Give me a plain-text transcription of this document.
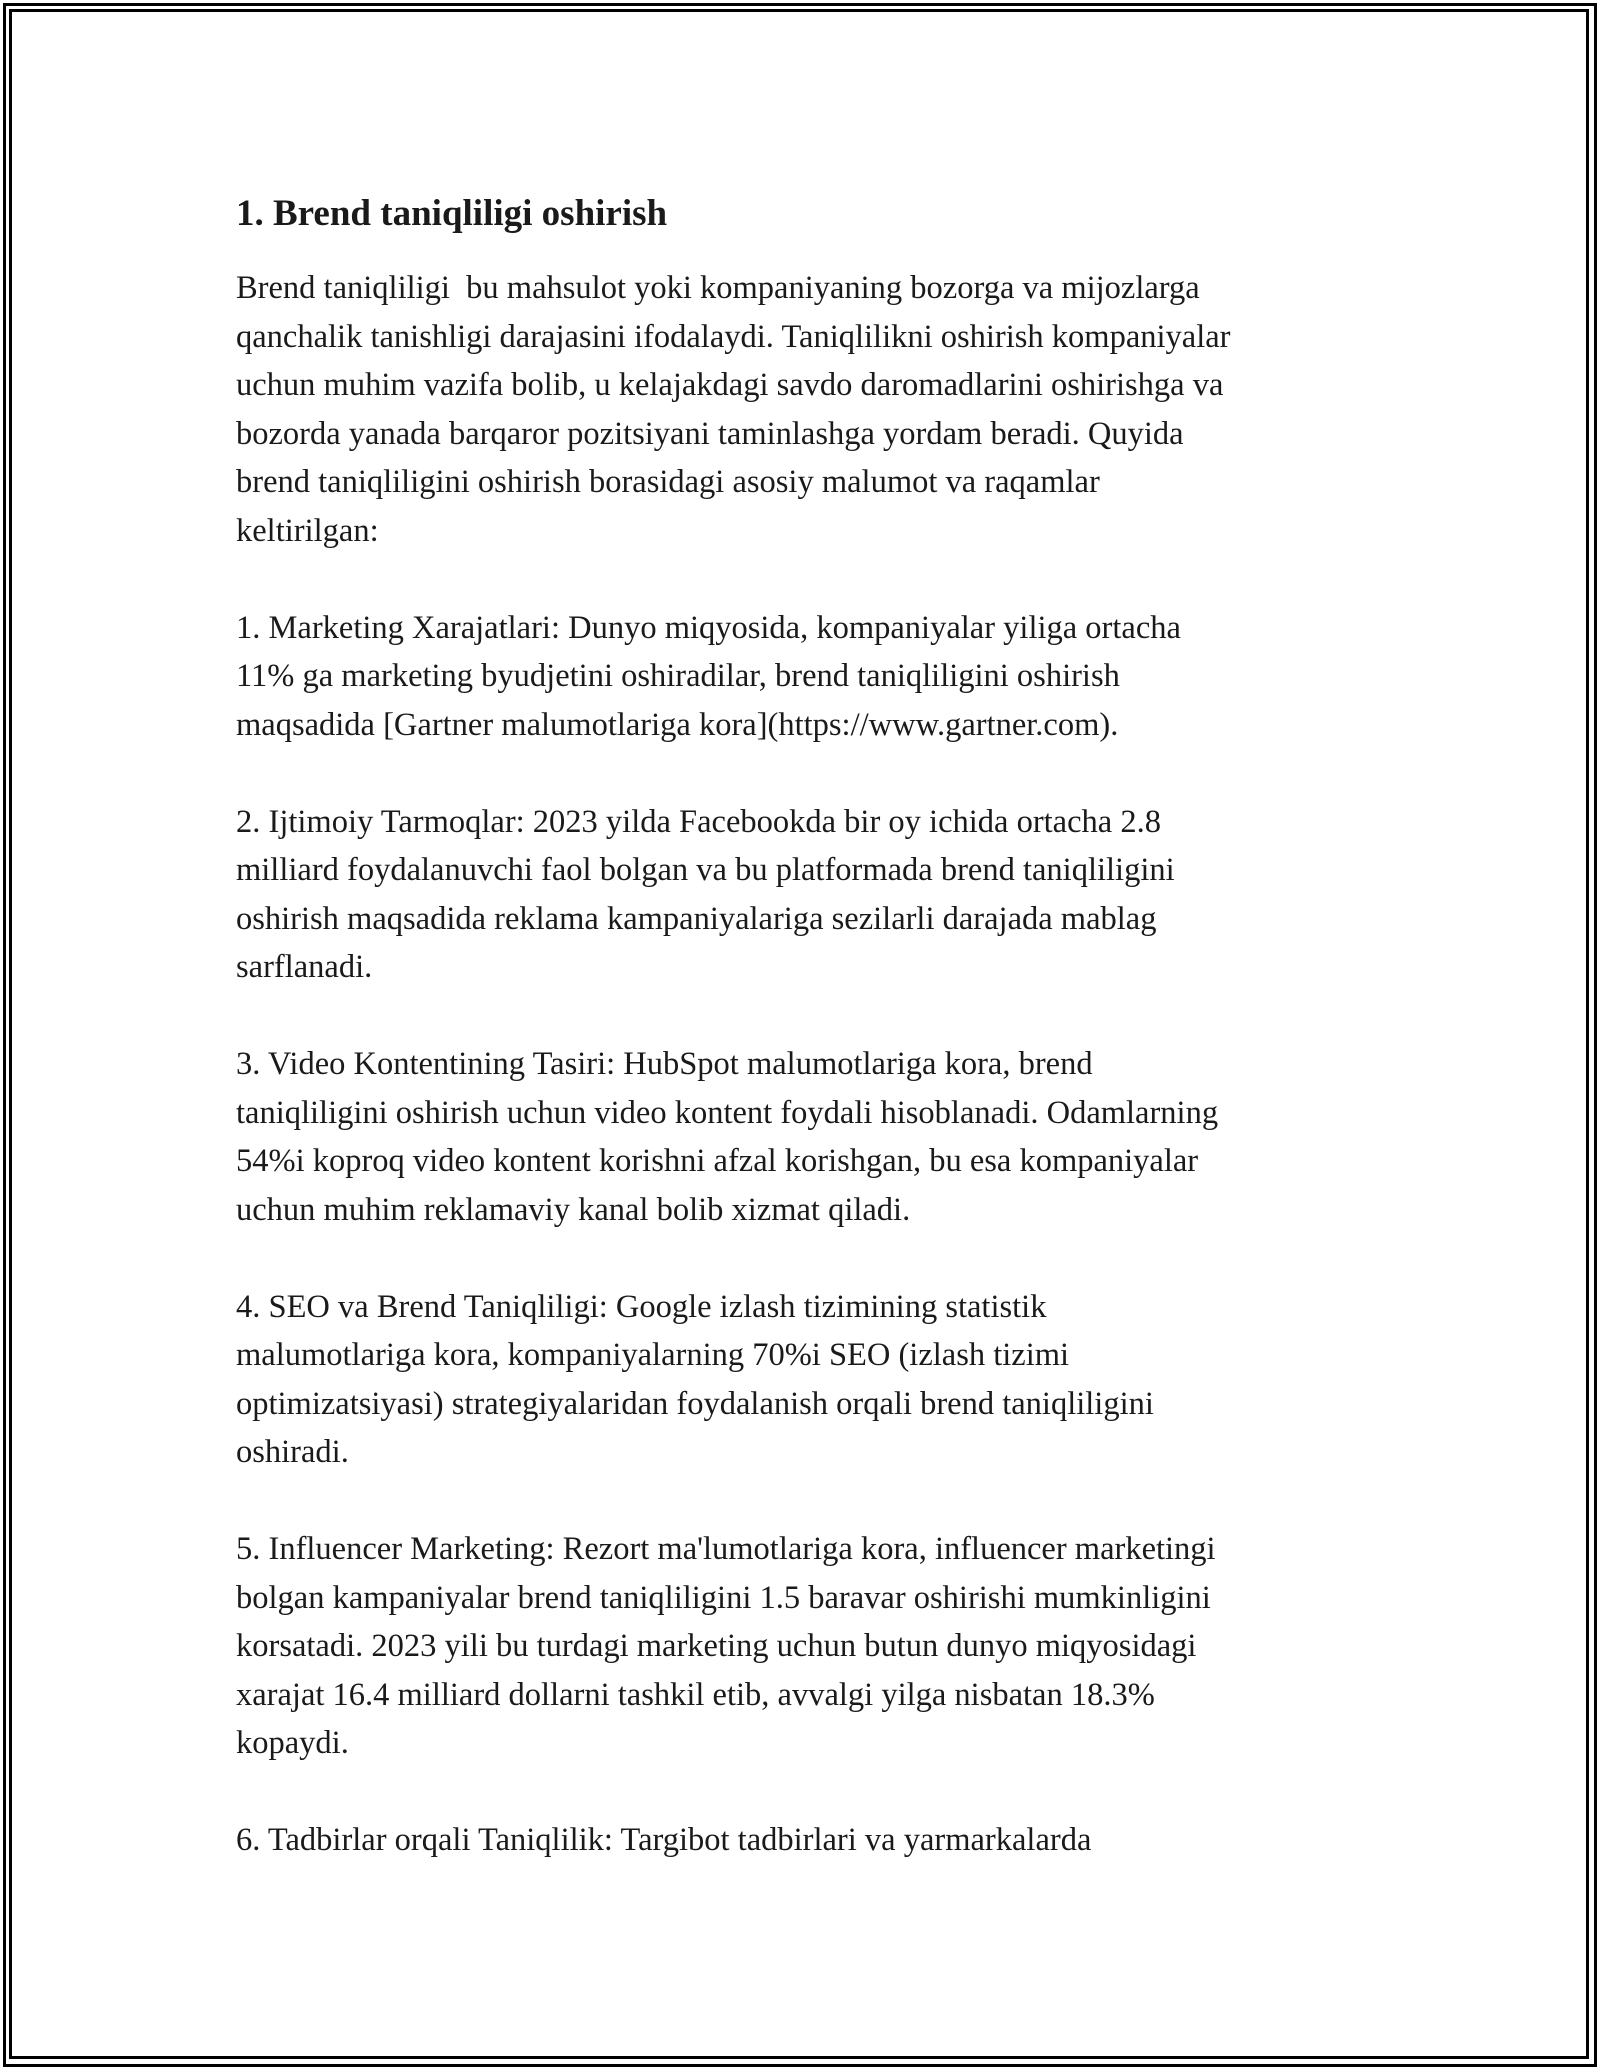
1. Brend taniqliligi oshirish
Brend taniqliligi  bu mahsulot yoki kompaniyaning bozorga va mijozlarga
qanchalik tanishligi darajasini ifodalaydi. Taniqlilikni oshirish kompaniyalar
uchun muhim vazifa bolib, u kelajakdagi savdo daromadlarini oshirishga va
bozorda yanada barqaror pozitsiyani taminlashga yordam beradi. Quyida
brend taniqliligini oshirish borasidagi asosiy malumot va raqamlar
keltirilgan:
1. Marketing Xarajatlari: Dunyo miqyosida, kompaniyalar yiliga ortacha
11% ga marketing byudjetini oshiradilar, brend taniqliligini oshirish
maqsadida [Gartner malumotlariga kora](https://www.gartner.com).
2. Ijtimoiy Tarmoqlar: 2023 yilda Facebookda bir oy ichida ortacha 2.8
milliard foydalanuvchi faol bolgan va bu platformada brend taniqliligini
oshirish maqsadida reklama kampaniyalariga sezilarli darajada mablag
sarflanadi.
3. Video Kontentining Tasiri: HubSpot malumotlariga kora, brend
taniqliligini oshirish uchun video kontent foydali hisoblanadi. Odamlarning
54%i koproq video kontent korishni afzal korishgan, bu esa kompaniyalar
uchun muhim reklamaviy kanal bolib xizmat qiladi.
4. SEO va Brend Taniqliligi: Google izlash tizimining statistik
malumotlariga kora, kompaniyalarning 70%i SEO (izlash tizimi
optimizatsiyasi) strategiyalaridan foydalanish orqali brend taniqliligini
oshiradi.
5. Influencer Marketing: Rezort ma'lumotlariga kora, influencer marketingi
bolgan kampaniyalar brend taniqliligini 1.5 baravar oshirishi mumkinligini
korsatadi. 2023 yili bu turdagi marketing uchun butun dunyo miqyosidagi
xarajat 16.4 milliard dollarni tashkil etib, avvalgi yilga nisbatan 18.3%
kopaydi.
6. Tadbirlar orqali Taniqlilik: Targibot tadbirlari va yarmarkalarda
